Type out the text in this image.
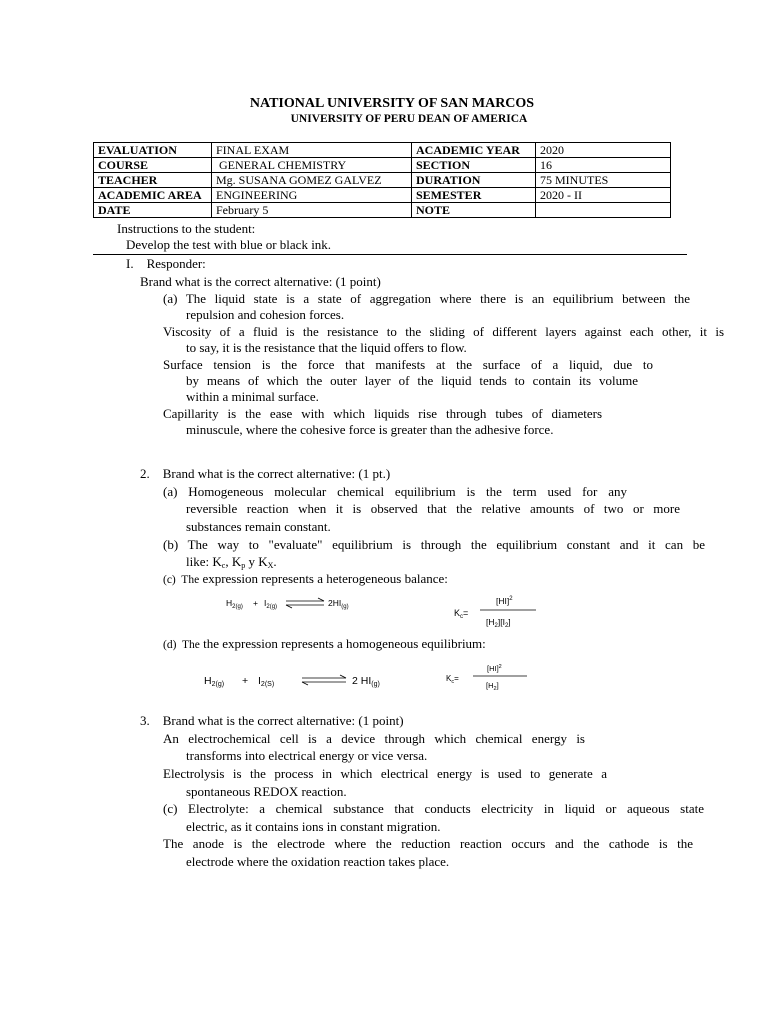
NATIONAL UNIVERSITY OF SAN MARCOS
UNIVERSITY OF PERU DEAN OF AMERICA
EVALUATION	FINAL EXAM	ACADEMIC YEAR	2020
COURSE	GENERAL CHEMISTRY	SECTION	16
TEACHER	Mg. SUSANA GOMEZ GALVEZ	DURATION	75 MINUTES
ACADEMIC AREA	ENGINEERING	SEMESTER	2020 - II
DATE	February 5	NOTE	
Instructions to the student:
Develop the test with blue or black ink.
I.    Responder:
Brand what is the correct alternative: (1 point)
(a) The liquid state is a state of aggregation where there is an equilibrium between the
repulsion and cohesion forces.
Viscosity of a fluid is the resistance to the sliding of different layers against each other, it is
to say, it is the resistance that the liquid offers to flow.
Surface tension is the force that manifests at the surface of a liquid, due to
by means of which the outer layer of the liquid tends to contain its volume
within a minimal surface.
Capillarity is the ease with which liquids rise through tubes of diameters
minuscule, where the cohesive force is greater than the adhesive force.
2.    Brand what is the correct alternative: (1 pt.)
(a) Homogeneous molecular chemical equilibrium is the term used for any
reversible reaction when it is observed that the relative amounts of two or more
substances remain constant.
(b) The way to "evaluate" equilibrium is through the equilibrium constant and it can be
like: $K_c$, $K_p$ y $K_X$.
(c)  The expression represents a heterogeneous balance:
$H_{2(g)} + I_{2(g)}$	$2HI_{(g)}$
$K_c=$
[HI]$^2$
$[H_2][I_2]$
(d)  The the expression represents a homogeneous equilibrium:
H2(g) + I2(S)	2 HI(g)
$K_c=$
[HI]$^2$
$[H_2]$
3.    Brand what is the correct alternative: (1 point)
An electrochemical cell is a device through which chemical energy is
transforms into electrical energy or vice versa.
Electrolysis is the process in which electrical energy is used to generate a
spontaneous REDOX reaction.
(c) Electrolyte: a chemical substance that conducts electricity in liquid or aqueous state
electric, as it contains ions in constant migration.
The anode is the electrode where the reduction reaction occurs and the cathode is the
electrode where the oxidation reaction takes place.
